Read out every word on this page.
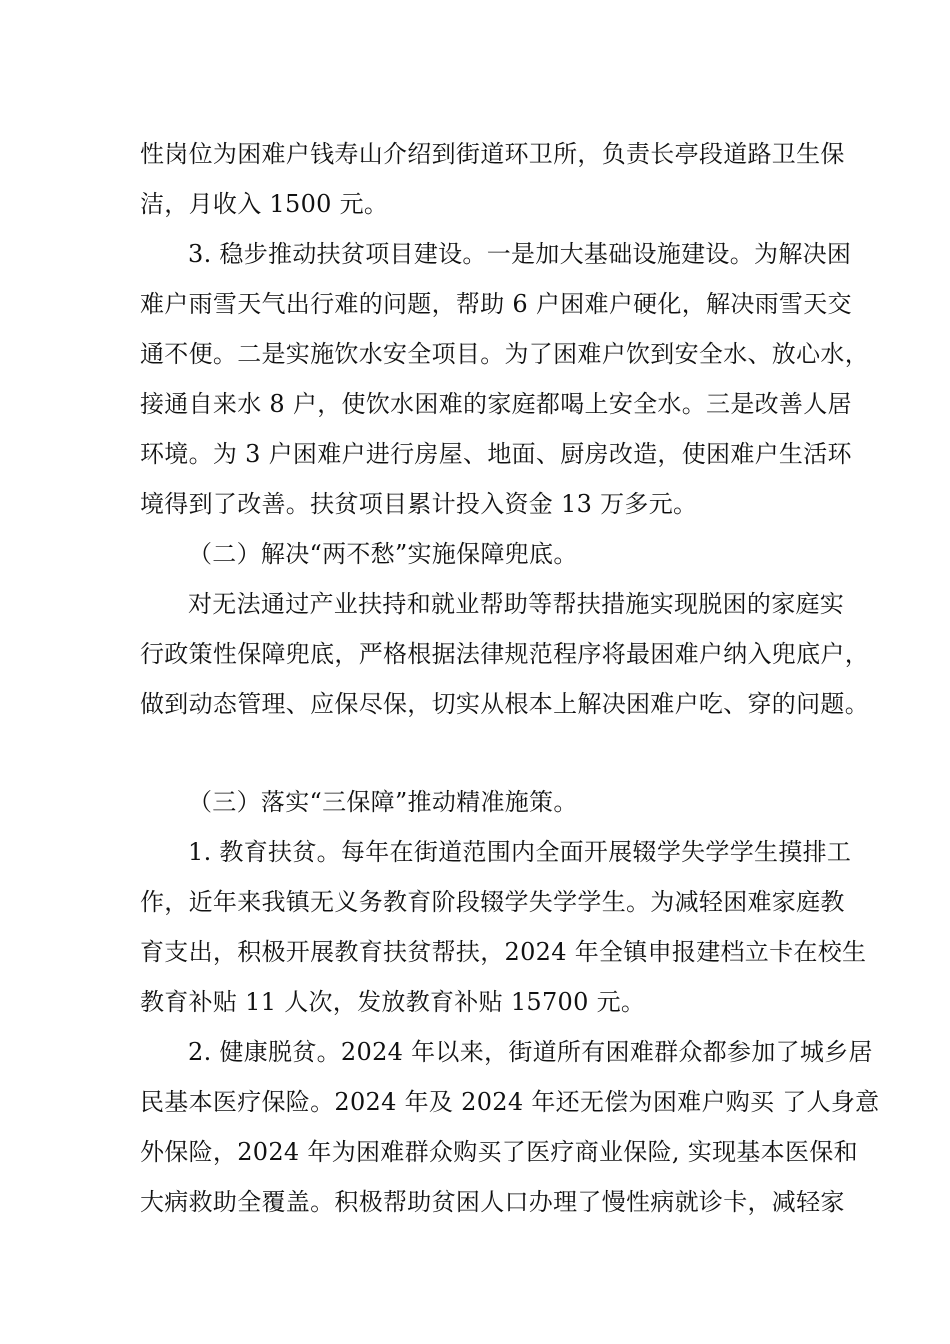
性岗位为困难户钱寿山介绍到街道环卫所，负责长亭段道路卫生保
洁，月收入 1500 元。
3. 稳步推动扶贫项目建设。一是加大基础设施建设。为解决困
难户雨雪天气出行难的问题，帮助 6 户困难户硬化，解决雨雪天交
通不便。二是实施饮水安全项目。为了困难户饮到安全水、放心水，
接通自来水 8 户，使饮水困难的家庭都喝上安全水。三是改善人居
环境。为 3 户困难户进行房屋、地面、厨房改造，使困难户生活环
境得到了改善。扶贫项目累计投入资金 13 万多元。
（二）解决“两不愁”实施保障兜底。
对无法通过产业扶持和就业帮助等帮扶措施实现脱困的家庭实
行政策性保障兜底，严格根据法律规范程序将最困难户纳入兜底户，
做到动态管理、应保尽保，切实从根本上解决困难户吃、穿的问题。
（三）落实“三保障”推动精准施策。
1. 教育扶贫。每年在街道范围内全面开展辍学失学学生摸排工
作，近年来我镇无义务教育阶段辍学失学学生。为减轻困难家庭教
育支出，积极开展教育扶贫帮扶，2024 年全镇申报建档立卡在校生
教育补贴 11 人次，发放教育补贴 15700 元。
2. 健康脱贫。2024 年以来，街道所有困难群众都参加了城乡居
民基本医疗保险。2024 年及 2024 年还无偿为困难户购买 了人身意
外保险，2024 年为困难群众购买了医疗商业保险, 实现基本医保和
大病救助全覆盖。积极帮助贫困人口办理了慢性病就诊卡，减轻家
